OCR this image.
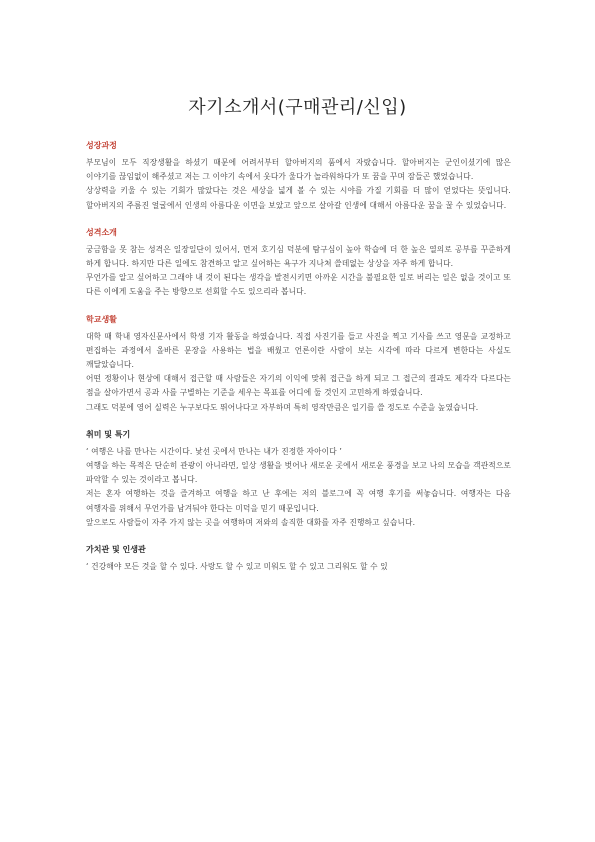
자기소개서(구매관리/신입)
성장과정

부모님이 모두 직장생활을 하셨기 때문에 어려서부터 할아버지의 품에서 자랐습니다. 할아버지는 군인이셨기에 많은 이야기를 끊임없이 해주셨고 저는 그 이야기 속에서 웃다가 울다가 놀라워하다가 또 꿈을 꾸며 잠들곤 했었습니다.

상상력을 키울 수 있는 기회가 많았다는 것은 세상을 넓게 볼 수 있는 시야를 가질 기회를 더 많이 얻었다는 뜻입니다. 할아버지의 주름진 얼굴에서 인생의 아름다운 이면을 보았고 앞으로 살아갈 인생에 대해서 아름다운 꿈을 꿀 수 있었습니다.

성격소개

궁금함을 못 참는 성격은 일장일단이 있어서, 먼저 호기심 덕분에 탐구심이 높아 학습에 더 한 높은 열의로 공부를 꾸준하게 하게 합니다. 하지만 다른 일에도 참견하고 알고 싶어하는 욕구가 지나쳐 쓸데없는 상상을 자주 하게 합니다.

무언가를 알고 싶어하고 그래야 내 것이 된다는 생각을 발전시키면 아까운 시간을 불필요한 일로 버리는 일은 없을 것이고 또 다른 이에게 도움을 주는 방향으로 선회할 수도 있으리라 봅니다.

학교생활

대학 때 학내 영자신문사에서 학생 기자 활동을 하였습니다. 직접 사진기를 들고 사진을 찍고 기사를 쓰고 영문을 교정하고 편집하는 과정에서 올바른 문장을 사용하는 법을 배웠고 언론이란 사람이 보는 시각에 따라 다르게 변한다는 사실도 깨달았습니다.

어떤 정황이나 현상에 대해서 접근할 때 사람들은 자기의 이익에 맞춰 접근을 하게 되고 그 접근의 결과도 제각각 다르다는 점을 살아가면서 공과 사를 구별하는 기준을 세우는 목표를 어디에 둘 것인지 고민하게 하였습니다.

그래도 덕분에 영어 실력은 누구보다도 뛰어나다고 자부하며 특히 영작만큼은 일기를 쓸 정도로 수준을 높였습니다.

취미 및 특기

‘ 여행은 나를 만나는 시간이다. 낯선 곳에서 만나는 내가 진정한 자아이다 ’

여행을 하는 목적은 단순히 관광이 아니라면, 일상 생활을 벗어나 새로운 곳에서 새로운 풍경을 보고 나의 모습을 객관적으로 파악할 수 있는 것이라고 봅니다.

저는 혼자 여행하는 것을 즐겨하고 여행을 하고 난 후에는 저의 블로그에 꼭 여행 후기를 써놓습니다. 여행자는 다음 여행자를 위해서 무언가를 남겨둬야 한다는 미덕을 믿기 때문입니다.

앞으로도 사람들이 자주 가지 않는 곳을 여행하며 저와의 솔직한 대화를 자주 진행하고 싶습니다.

가치관 및 인생관

‘ 건강해야 모든 것을 할 수 있다. 사랑도 할 수 있고 미워도 할 수 있고 그리워도 할 수 있
